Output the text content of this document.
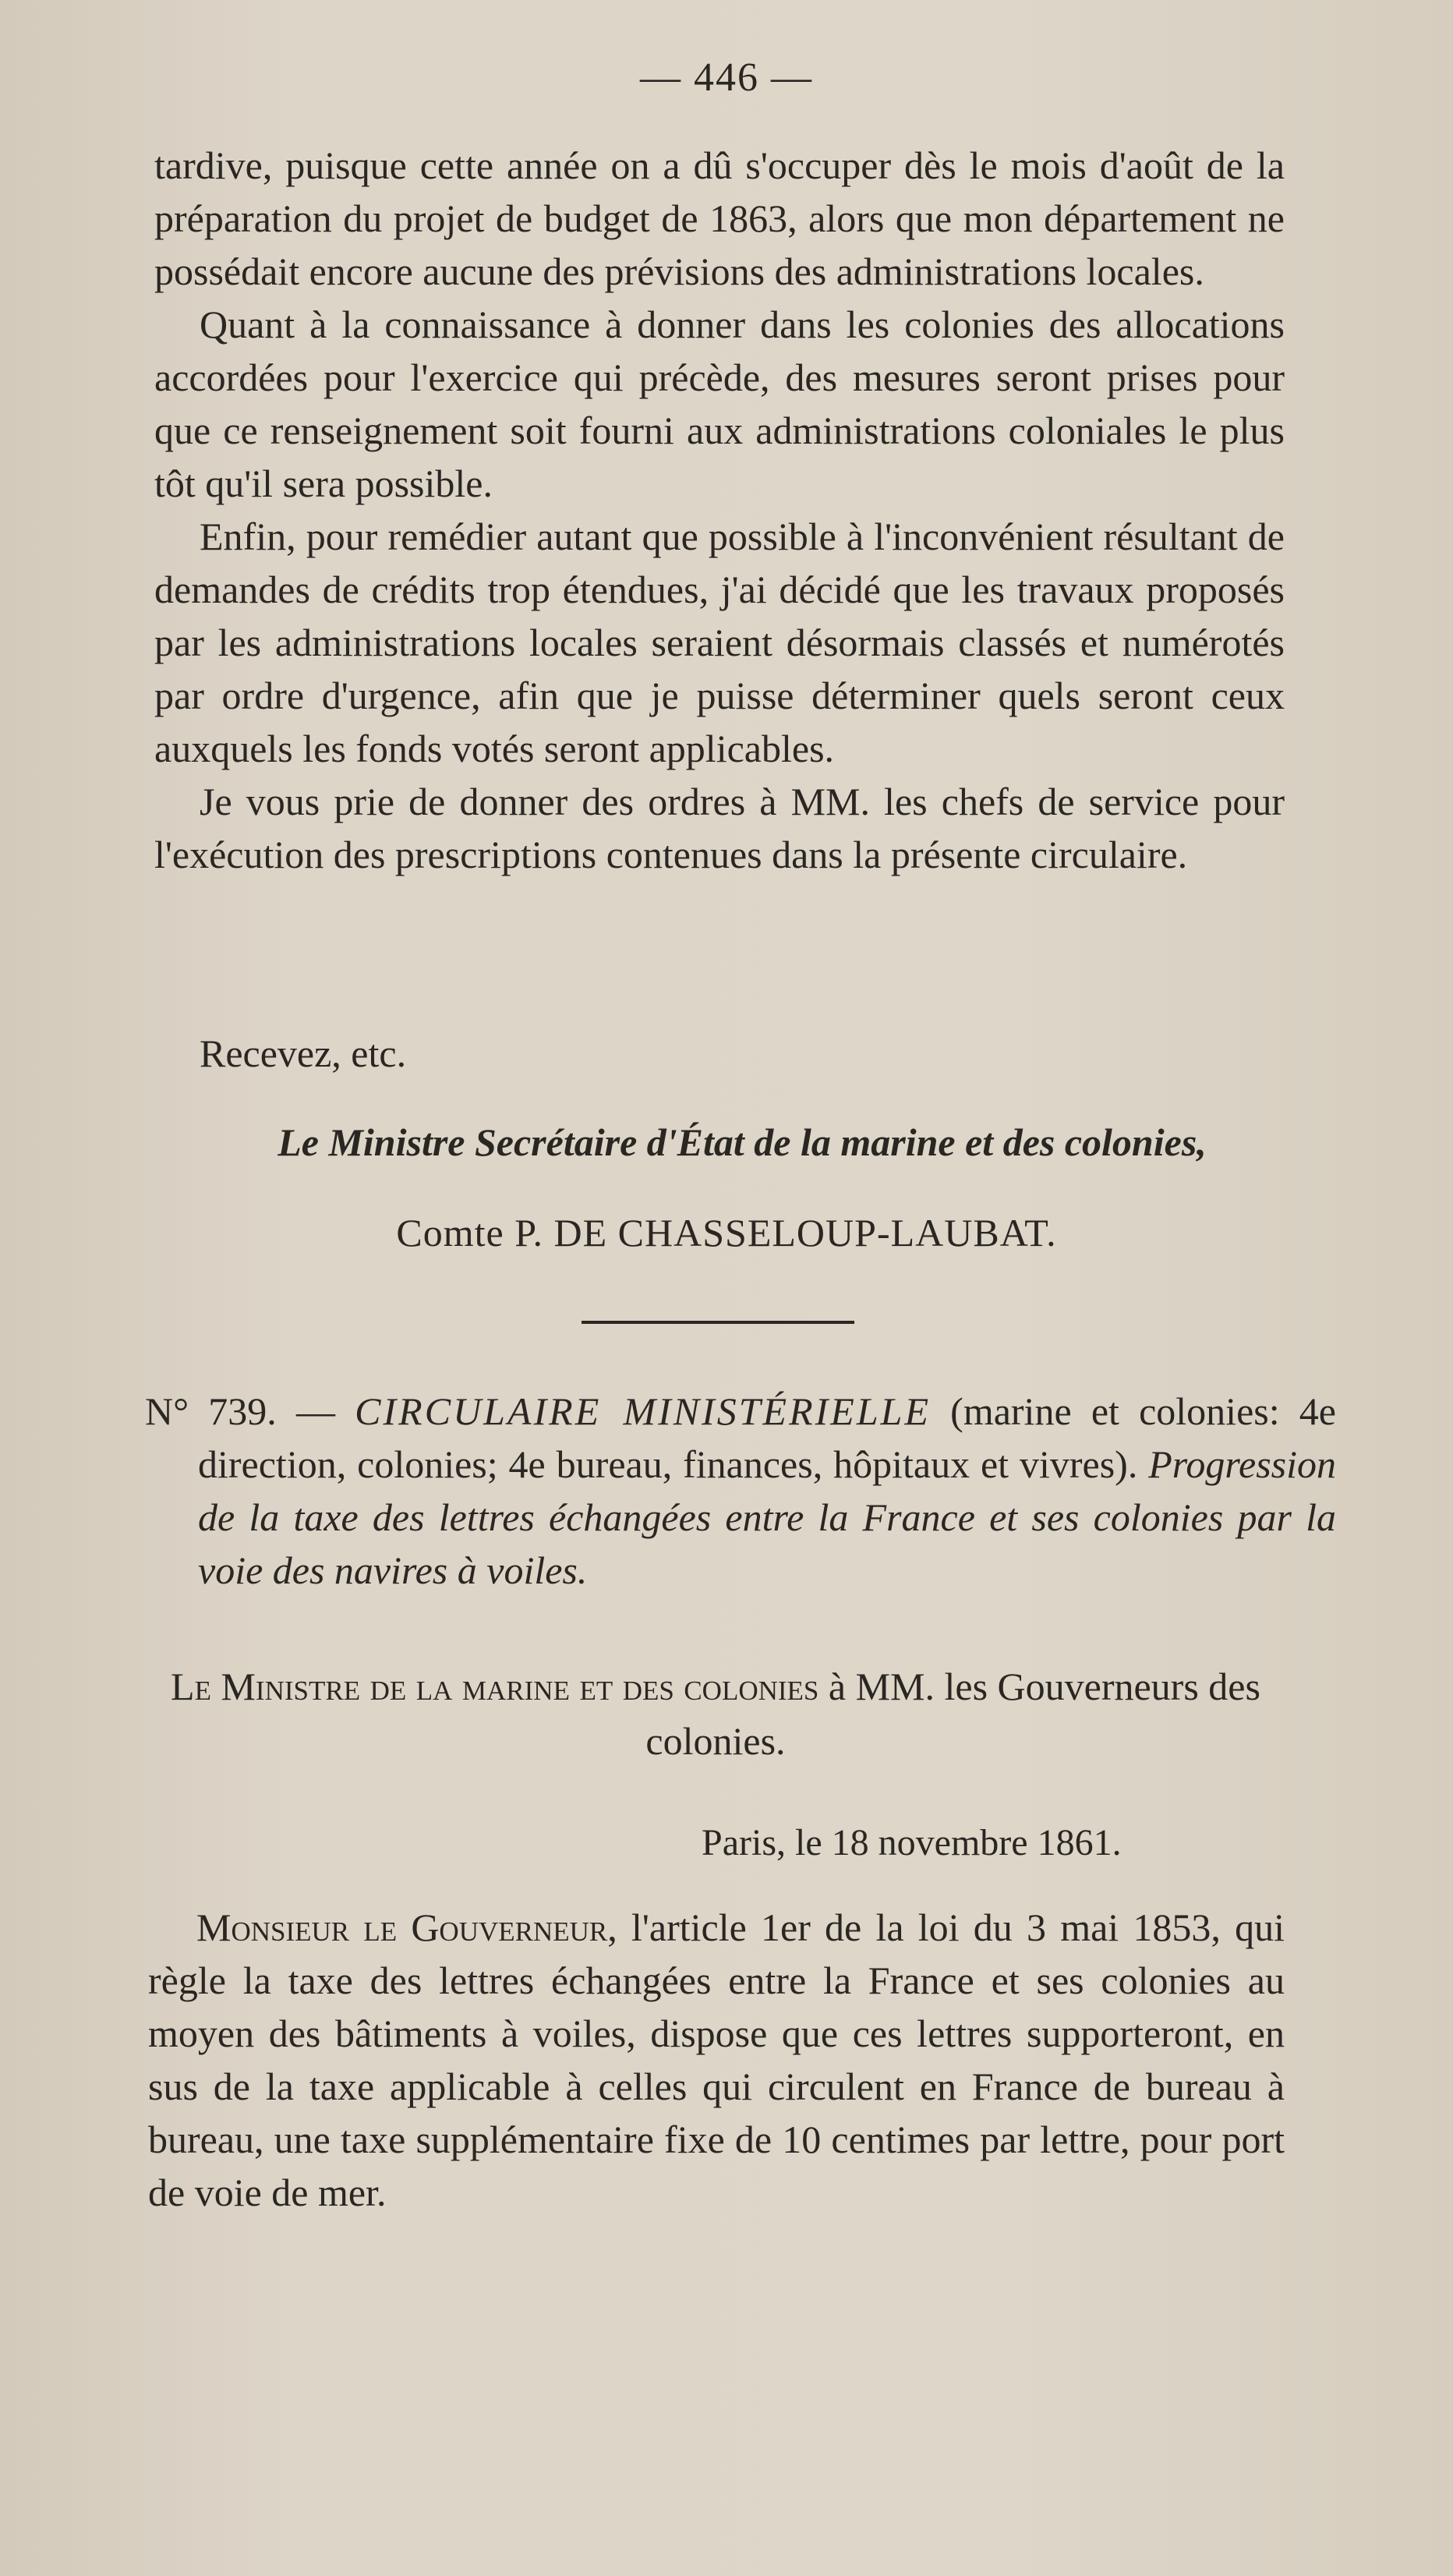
— 446 —

tardive, puisque cette année on a dû s'occuper dès le mois d'août de la préparation du projet de budget de 1863, alors que mon département ne possédait encore aucune des prévisions des administrations locales.

Quant à la connaissance à donner dans les colonies des allocations accordées pour l'exercice qui précède, des mesures seront prises pour que ce renseignement soit fourni aux administrations coloniales le plus tôt qu'il sera possible.

Enfin, pour remédier autant que possible à l'inconvénient résultant de demandes de crédits trop étendues, j'ai décidé que les travaux proposés par les administrations locales seraient désormais classés et numérotés par ordre d'urgence, afin que je puisse déterminer quels seront ceux auxquels les fonds votés seront applicables.

Je vous prie de donner des ordres à MM. les chefs de service pour l'exécution des prescriptions contenues dans la présente circulaire.

Recevez, etc.
Le Ministre Secrétaire d'État de la marine et des colonies,
Comte P. DE CHASSELOUP-LAUBAT.
N° 739. — CIRCULAIRE MINISTÉRIELLE (marine et colonies: 4e direction, colonies; 4e bureau, finances, hôpitaux et vivres). Progression de la taxe des lettres échangées entre la France et ses colonies par la voie des navires à voiles.
Le Ministre de la marine et des colonies à MM. les Gouverneurs des colonies.
Paris, le 18 novembre 1861.
Monsieur le Gouverneur, l'article 1er de la loi du 3 mai 1853, qui règle la taxe des lettres échangées entre la France et ses colonies au moyen des bâtiments à voiles, dispose que ces lettres supporteront, en sus de la taxe applicable à celles qui circulent en France de bureau à bureau, une taxe supplémentaire fixe de 10 centimes par lettre, pour port de voie de mer.
